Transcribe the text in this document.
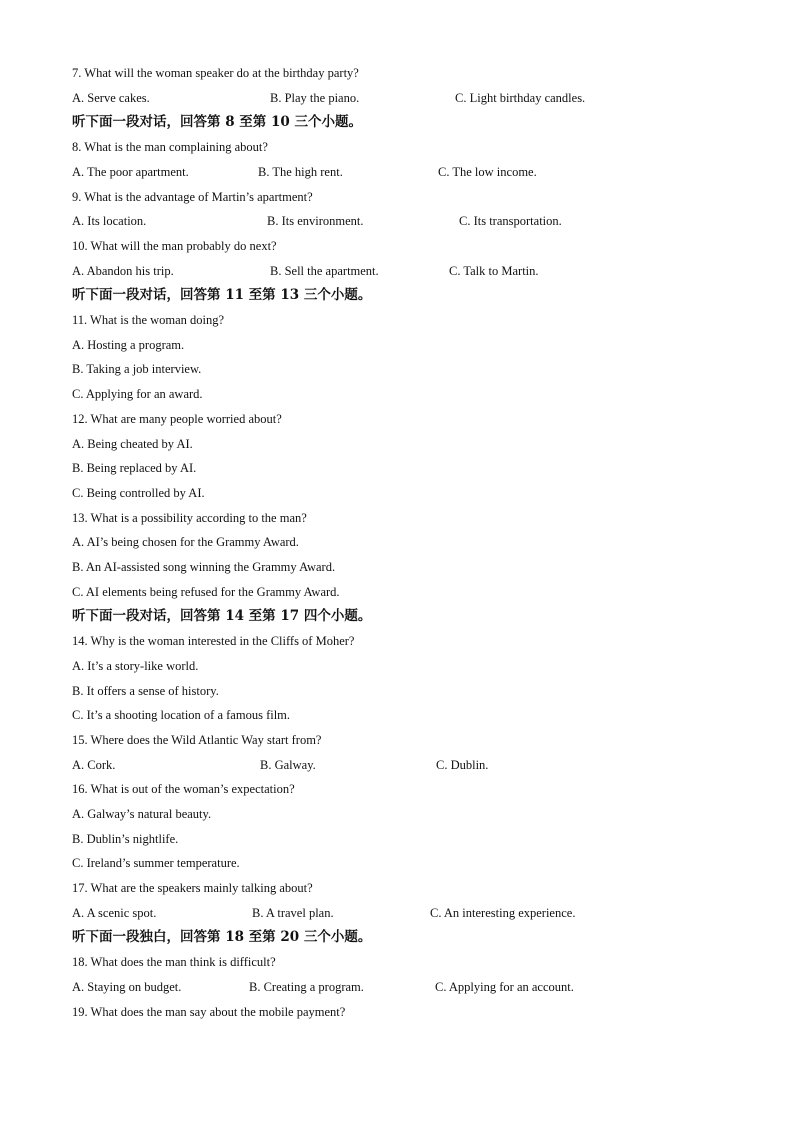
7. What will the woman speaker do at the birthday party?
A. Serve cakes.	B. Play the piano.	C. Light birthday candles.
听下面一段对话，回答第 8 至第 10 三个小题。
8. What is the man complaining about?
A. The poor apartment.	B. The high rent.	C. The low income.
9. What is the advantage of Martin’s apartment?
A. Its location.	B. Its environment.	C. Its transportation.
10. What will the man probably do next?
A. Abandon his trip.	B. Sell the apartment.	C. Talk to Martin.
听下面一段对话，回答第 11 至第 13 三个小题。
11. What is the woman doing?
A. Hosting a program.
B. Taking a job interview.
C. Applying for an award.
12. What are many people worried about?
A. Being cheated by AI.
B. Being replaced by AI.
C. Being controlled by AI.
13. What is a possibility according to the man?
A. AI’s being chosen for the Grammy Award.
B. An AI-assisted song winning the Grammy Award.
C. AI elements being refused for the Grammy Award.
听下面一段对话，回答第 14 至第 17 四个小题。
14. Why is the woman interested in the Cliffs of Moher?
A. It’s a story-like world.
B. It offers a sense of history.
C. It’s a shooting location of a famous film.
15. Where does the Wild Atlantic Way start from?
A. Cork.	B. Galway.	C. Dublin.
16. What is out of the woman’s expectation?
A. Galway’s natural beauty.
B. Dublin’s nightlife.
C. Ireland’s summer temperature.
17. What are the speakers mainly talking about?
A. A scenic spot.	B. A travel plan.	C. An interesting experience.
听下面一段独白，回答第 18 至第 20 三个小题。
18. What does the man think is difficult?
A. Staying on budget.	B. Creating a program.	C. Applying for an account.
19. What does the man say about the mobile payment?
